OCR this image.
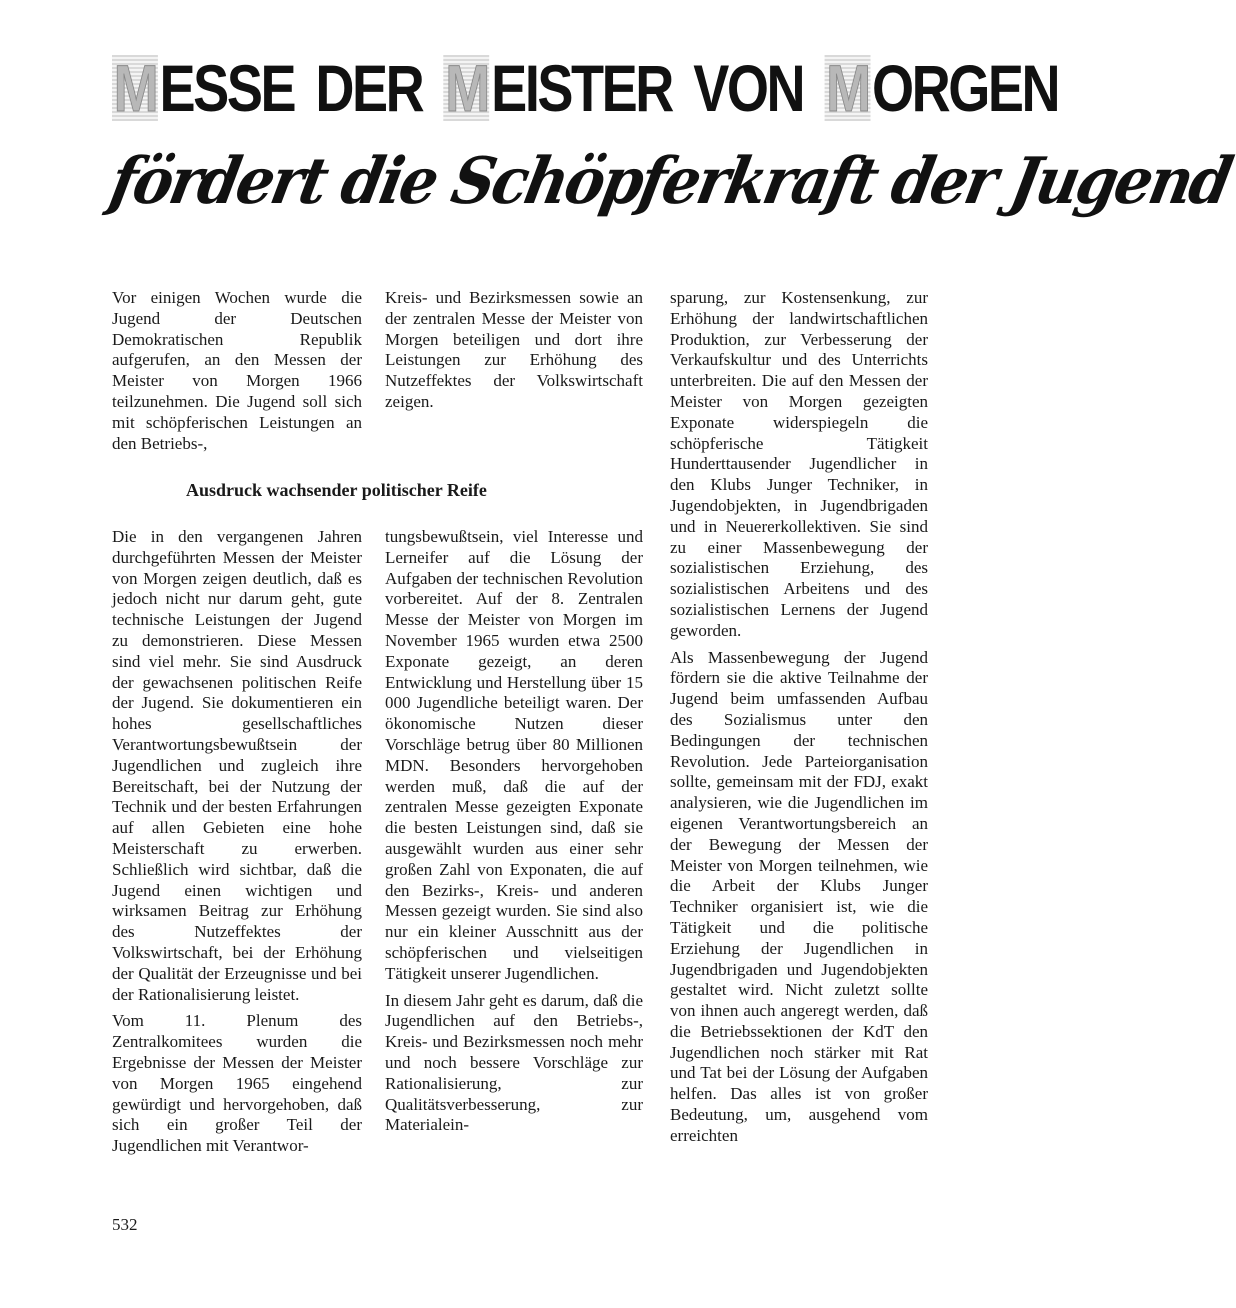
MESSE DER MEISTER VON MORGEN
fördert die Schöpferkraft der Jugend

Vor einigen Wochen wurde die Jugend der Deutschen Demokratischen Republik aufgerufen, an den Messen der Meister von Morgen 1966 teilzunehmen. Die Jugend soll sich mit schöpferischen Leistungen an den Betriebs-,

Kreis- und Bezirksmessen sowie an der zentralen Messe der Meister von Morgen beteiligen und dort ihre Leistungen zur Erhöhung des Nutzeffektes der Volkswirtschaft zeigen.

Ausdruck wachsender politischer Reife

Die in den vergangenen Jahren durchgeführten Messen der Meister von Morgen zeigen deutlich, daß es jedoch nicht nur darum geht, gute technische Leistungen der Jugend zu demonstrieren. Diese Messen sind viel mehr. Sie sind Ausdruck der gewachsenen politischen Reife der Jugend. Sie dokumentieren ein hohes gesellschaftliches Verantwortungsbewußtsein der Jugendlichen und zugleich ihre Bereitschaft, bei der Nutzung der Technik und der besten Erfahrungen auf allen Gebieten eine hohe Meisterschaft zu erwerben. Schließlich wird sichtbar, daß die Jugend einen wichtigen und wirksamen Beitrag zur Erhöhung des Nutzeffektes der Volkswirtschaft, bei der Erhöhung der Qualität der Erzeugnisse und bei der Rationalisierung leistet.

Vom 11. Plenum des Zentralkomitees wurden die Ergebnisse der Messen der Meister von Morgen 1965 eingehend gewürdigt und hervorgehoben, daß sich ein großer Teil der Jugendlichen mit Verantwor-

tungsbewußtsein, viel Interesse und Lerneifer auf die Lösung der Aufgaben der technischen Revolution vorbereitet. Auf der 8. Zentralen Messe der Meister von Morgen im November 1965 wurden etwa 2500 Exponate gezeigt, an deren Entwicklung und Herstellung über 15 000 Jugendliche beteiligt waren. Der ökonomische Nutzen dieser Vorschläge betrug über 80 Millionen MDN. Besonders hervorgehoben werden muß, daß die auf der zentralen Messe gezeigten Exponate die besten Leistungen sind, daß sie ausgewählt wurden aus einer sehr großen Zahl von Exponaten, die auf den Bezirks-, Kreis- und anderen Messen gezeigt wurden. Sie sind also nur ein kleiner Ausschnitt aus der schöpferischen und vielseitigen Tätigkeit unserer Jugendlichen.

In diesem Jahr geht es darum, daß die Jugendlichen auf den Betriebs-, Kreis- und Bezirksmessen noch mehr und noch bessere Vorschläge zur Rationalisierung, zur Qualitätsverbesserung, zur Materialein-

sparung, zur Kostensenkung, zur Erhöhung der landwirtschaftlichen Produktion, zur Verbesserung der Verkaufskultur und des Unterrichts unterbreiten. Die auf den Messen der Meister von Morgen gezeigten Exponate widerspiegeln die schöpferische Tätigkeit Hunderttausender Jugendlicher in den Klubs Junger Techniker, in Jugendobjekten, in Jugendbrigaden und in Neuererkollektiven. Sie sind zu einer Massenbewegung der sozialistischen Erziehung, des sozialistischen Arbeitens und des sozialistischen Lernens der Jugend geworden.

Als Massenbewegung der Jugend fördern sie die aktive Teilnahme der Jugend beim umfassenden Aufbau des Sozialismus unter den Bedingungen der technischen Revolution. Jede Parteiorganisation sollte, gemeinsam mit der FDJ, exakt analysieren, wie die Jugendlichen im eigenen Verantwortungsbereich an der Bewegung der Messen der Meister von Morgen teilnehmen, wie die Arbeit der Klubs Junger Techniker organisiert ist, wie die Tätigkeit und die politische Erziehung der Jugendlichen in Jugendbrigaden und Jugendobjekten gestaltet wird. Nicht zuletzt sollte von ihnen auch angeregt werden, daß die Betriebssektionen der KdT den Jugendlichen noch stärker mit Rat und Tat bei der Lösung der Aufgaben helfen. Das alles ist von großer Bedeutung, um, ausgehend vom erreichten

532
